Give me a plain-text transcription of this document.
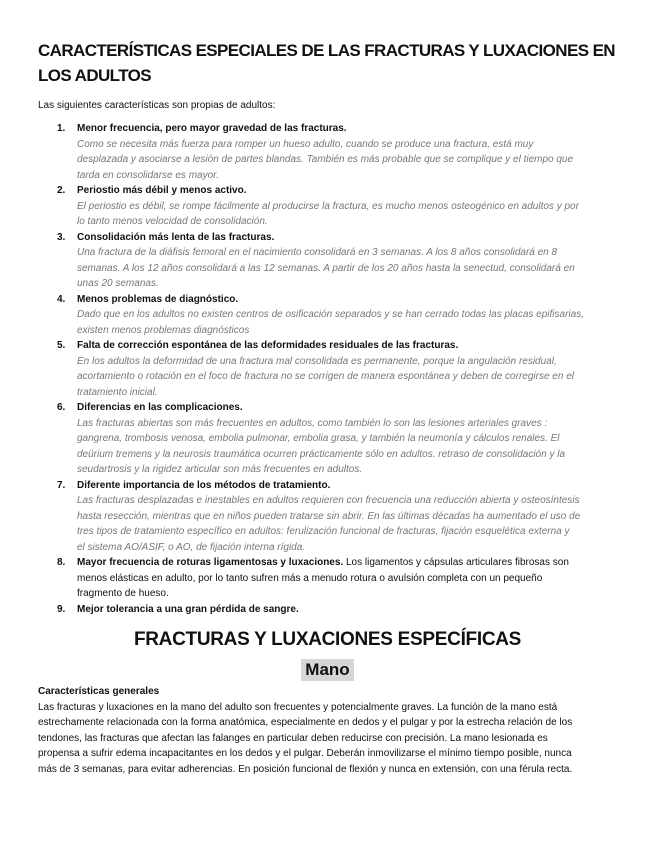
CARACTERÍSTICAS ESPECIALES DE LAS FRACTURAS Y LUXACIONES EN
LOS ADULTOS
Las siguientes características son propias de adultos:
1. Menor frecuencia, pero mayor gravedad de las fracturas.
Como se necesita más fuerza para romper un hueso adulto, cuando se produce una fractura, está muy
desplazada y asociarse a lesión de partes blandas. También es más probable que se complique y el tiempo que
tarda en consolidarse es mayor.
2. Periostio más débil y menos activo.
El periostio es débil, se rompe fácilmente al producirse la fractura, es mucho menos osteogénico en adultos y por
lo tanto menos velocidad de consolidación.
3. Consolidación más lenta de las fracturas.
Una fractura de la diáfisis femoral en el nacimiento consolidará en 3 semanas. A los 8 años consolidará en 8
semanas. A los 12 años consolidará a las 12 semanas. A partir de los 20 años hasta la senectud, consolidará en
unas 20 semanas.
4. Menos problemas de diagnóstico.
Dado que en los adultos no existen centros de osificación separados y se han cerrado todas las placas epifisarias,
existen menos problemas diagnósticos
5. Falta de corrección espontánea de las deformidades residuales de las fracturas.
En los adultos la deformidad de una fractura mal consolidada es permanente, porque la angulación residual,
acortamiento o rotación en el foco de fractura no se corrigen de manera espontánea y deben de corregirse en el
tratamiento inicial.
6. Diferencias en las complicaciones.
Las fracturas abiertas son más frecuentes en adultos, como también lo son las lesiones arteriales graves :
gangrena, trombosis venosa, embolia pulmonar, embolia grasa, y también la neumonía y cálculos renales. El
deürium tremens y la neurosis traumática ocurren prácticamente sólo en adultos. retraso de consolidación y la
seudartrosis y la rigidez articular son más frecuentes en adultos.
7. Diferente importancia de los métodos de tratamiento.
Las fracturas desplazadas e inestables en adultos requieren con frecuencia una reducción abierta y osteosíntesis
hasta resección, mientras que en niños pueden tratarse sin abrir. En las últimas décadas ha aumentado el uso de
tres tipos de tratamiento específico en adultos: ferulización funcional de fracturas, fijación esquelética externa y
el sistema AO/ASIF, o AO, de fijación interna rígida.
8. Mayor frecuencia de roturas ligamentosas y luxaciones. Los ligamentos y cápsulas articulares fibrosas son
menos elásticas en adulto, por lo tanto sufren más a menudo rotura o avulsión completa con un pequeño
fragmento de hueso.
9. Mejor tolerancia a una gran pérdida de sangre.
FRACTURAS Y LUXACIONES ESPECÍFICAS
Mano
Características generales
Las fracturas y luxaciones en la mano del adulto son frecuentes y potencialmente graves. La función de la mano está
estrechamente relacionada con la forma anatómica, especialmente en dedos y el pulgar y por la estrecha relación de los
tendones, las fracturas que afectan las falanges en particular deben reducirse con precisión. La mano lesionada es
propensa a sufrir edema incapacitantes en los dedos y el pulgar. Deberán inmovilizarse el mínimo tiempo posible, nunca
más de 3 semanas, para evitar adherencias. En posición funcional de flexión y nunca en extensión, con una férula recta.
